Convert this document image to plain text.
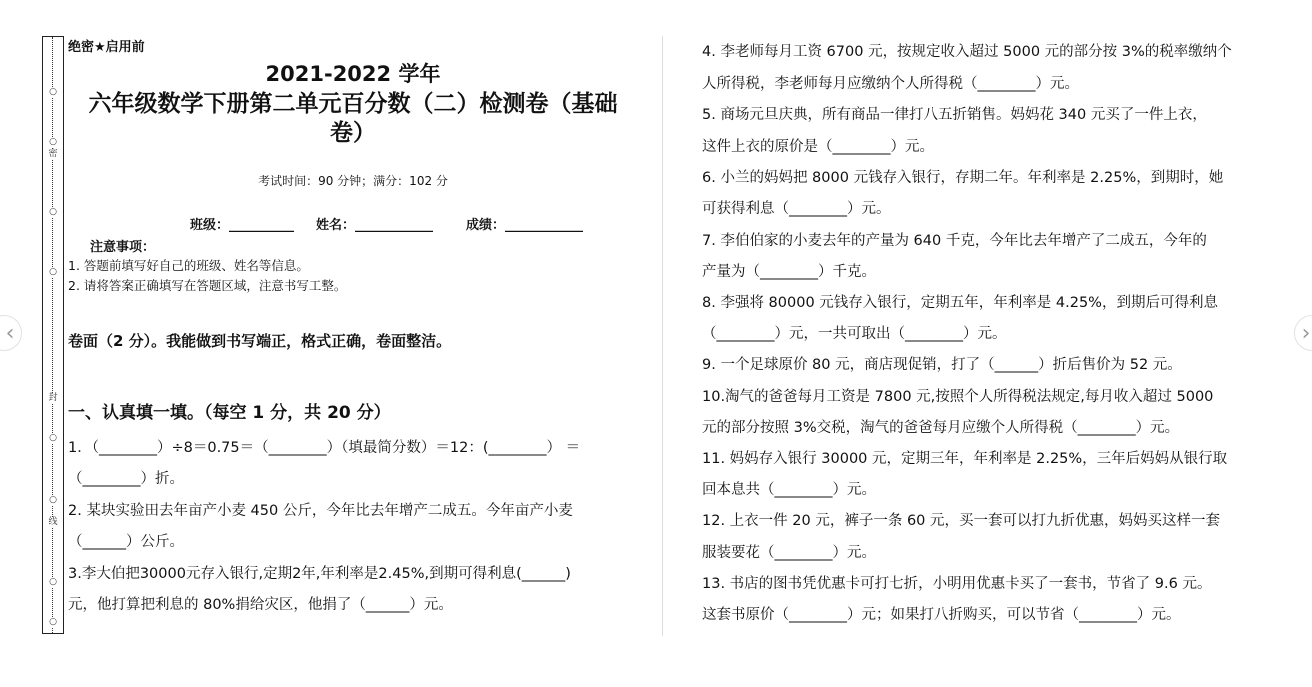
○
○
密
○
○
封
○
○
线
○
○
绝密★启用前
2021-2022 学年
六年级数学下册第二单元百分数（二）检测卷（基础
卷）
考试时间：90 分钟；满分：102 分
班级：__________ 姓名：____________	成绩：____________
注意事项：
1. 答题前填写好自己的班级、姓名等信息。
2. 请将答案正确填写在答题区域，注意书写工整。
卷面（2 分）。我能做到书写端正，格式正确，卷面整洁。
一、认真填一填。（每空 1 分，共 20 分）
1．（________）÷8＝0.75＝（________）（填最简分数）＝12：(________） ＝
（________）折。
2. 某块实验田去年亩产小麦 450 公斤，今年比去年增产二成五。今年亩产小麦
（______）公斤。
3.李大伯把30000元存入银行,定期2年,年利率是2.45%,到期可得利息(______)
元，他打算把利息的 80%捐给灾区，他捐了（______）元。
4. 李老师每月工资 6700 元，按规定收入超过 5000 元的部分按 3%的税率缴纳个
人所得税，李老师每月应缴纳个人所得税（________）元。
5. 商场元旦庆典，所有商品一律打八五折销售。妈妈花 340 元买了一件上衣，
这件上衣的原价是（________）元。
6. 小兰的妈妈把 8000 元钱存入银行，存期二年。年利率是 2.25%，到期时，她
可获得利息（________）元。
7. 李伯伯家的小麦去年的产量为 640 千克，今年比去年增产了二成五，今年的
产量为（________）千克。
8. 李强将 80000 元钱存入银行，定期五年，年利率是 4.25%，到期后可得利息
（________）元，一共可取出（________）元。
9. 一个足球原价 80 元，商店现促销，打了（______）折后售价为 52 元。
10.淘气的爸爸每月工资是 7800 元,按照个人所得税法规定,每月收入超过 5000
元的部分按照 3%交税，淘气的爸爸每月应缴个人所得税（________）元。
11. 妈妈存入银行 30000 元，定期三年，年利率是 2.25%，三年后妈妈从银行取
回本息共（________）元。
12. 上衣一件 20 元，裤子一条 60 元，买一套可以打九折优惠，妈妈买这样一套
服装要花（________）元。
13. 书店的图书凭优惠卡可打七折，小明用优惠卡买了一套书，节省了 9.6 元。
这套书原价（________）元；如果打八折购买，可以节省（________）元。
‹	›
